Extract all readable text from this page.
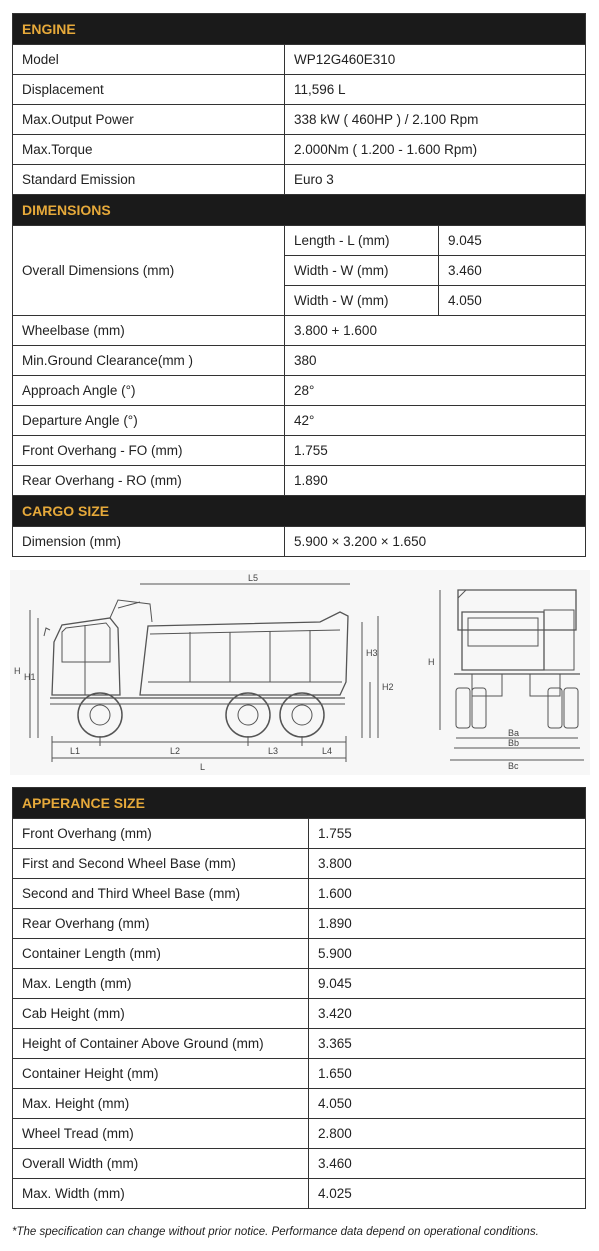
ENGINE		
Model	WP12G460E310	
Displacement	11,596 L	
Max.Output Power	338 kW ( 460HP ) / 2.100 Rpm	
Max.Torque	2.000Nm ( 1.200 - 1.600 Rpm)	
Standard Emission	Euro 3	
DIMENSIONS		
Overall Dimensions (mm)	Length - L (mm)	9.045
	Width - W (mm)	3.460
	Width - W (mm)	4.050
Wheelbase (mm)	3.800 + 1.600	
Min.Ground Clearance(mm )	380	
Approach Angle (°)	28°	
Departure Angle (°)	42°	
Front Overhang - FO (mm)	1.755	
Rear Overhang - RO (mm)	1.890	
CARGO SIZE		
Dimension (mm)	5.900 × 3.200 × 1.650	
L5
H
H1
H2
H3
L1	L2	L3	L4
L
H
Ba
Bb
Bc
APPERANCE SIZE	
Front Overhang (mm)	1.755
First and Second Wheel Base (mm)	3.800
Second and Third Wheel Base (mm)	1.600
Rear Overhang (mm)	1.890
Container Length (mm)	5.900
Max. Length (mm)	9.045
Cab Height (mm)	3.420
Height of Container Above Ground (mm)	3.365
Container Height (mm)	1.650
Max. Height (mm)	4.050
Wheel Tread (mm)	2.800
Overall Width (mm)	3.460
Max. Width (mm)	4.025
*The specification can change without prior notice. Performance data depend on operational conditions.
